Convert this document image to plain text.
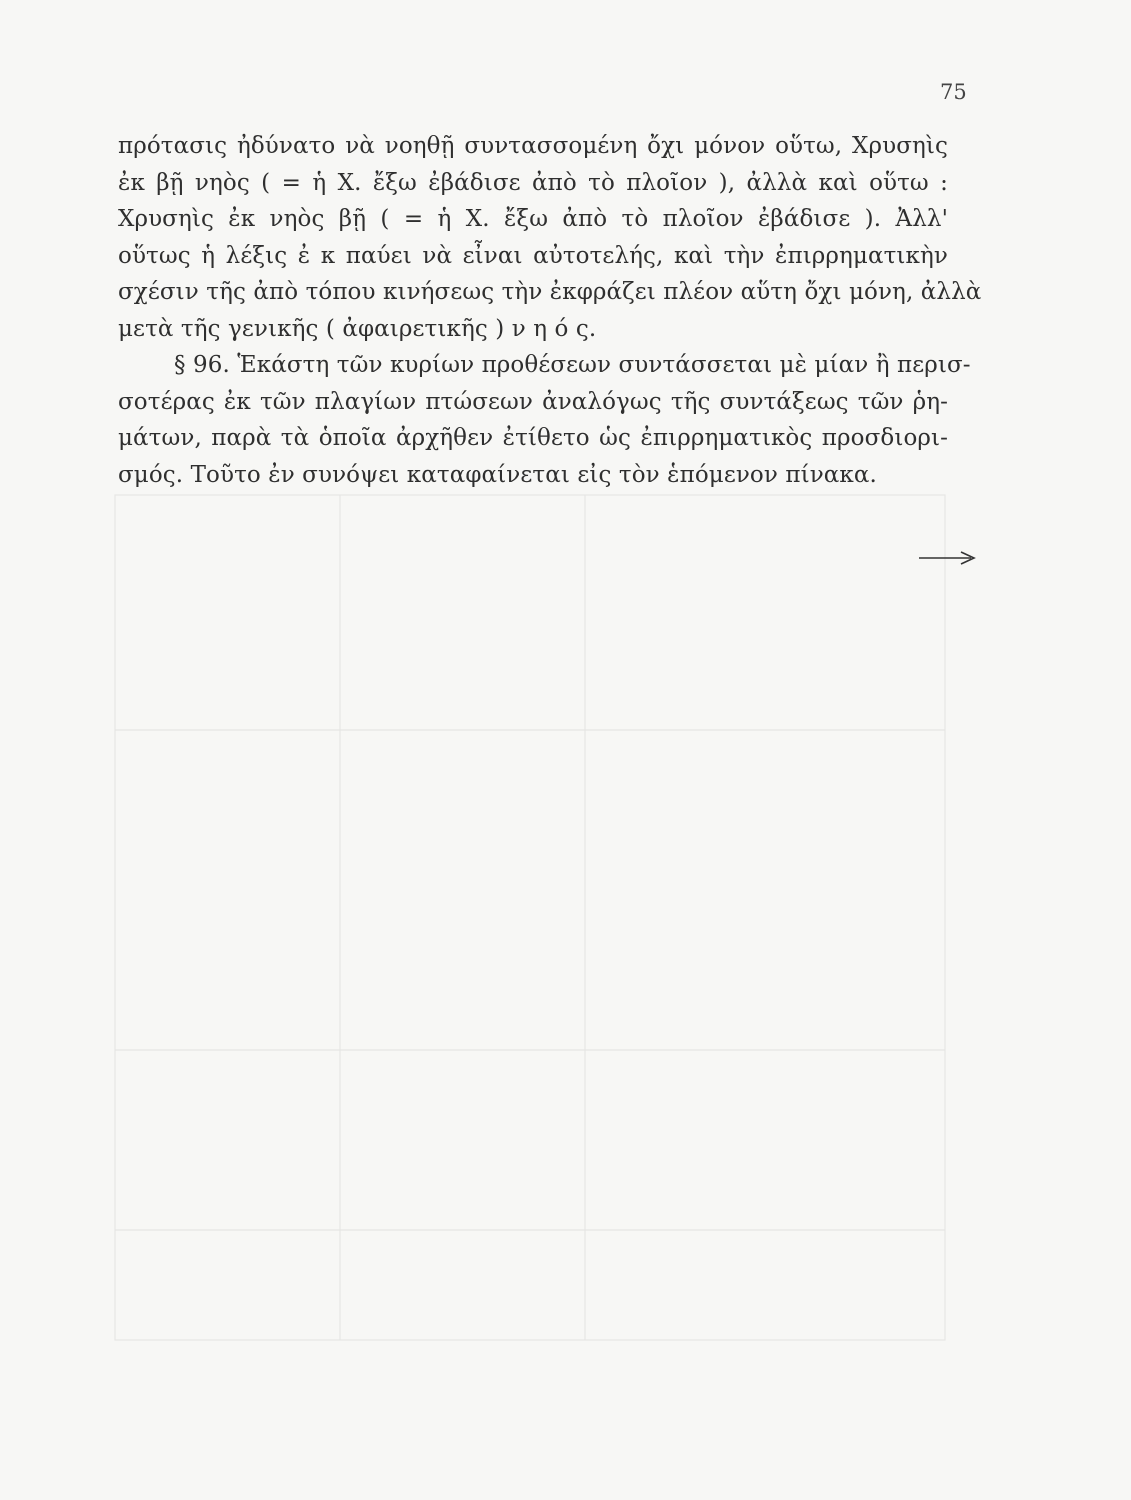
75
πρότασις ἠδύνατο νὰ νοηθῇ συντασσομένη ὄχι μόνον οὕτω, Χρυσηὶς
ἐκ βῇ νηὸς ( = ἡ Χ. ἔξω ἐβάδισε ἀπὸ τὸ πλοῖον ), ἀλλὰ καὶ οὕτω :
Χρυσηὶς ἐκ νηὸς βῇ ( = ἡ Χ. ἔξω ἀπὸ τὸ πλοῖον ἐβάδισε ). Ἀλλ'
οὕτως ἡ λέξις ἐ κ παύει νὰ εἶναι αὐτοτελής, καὶ τὴν ἐπιρρηματικὴν
σχέσιν τῆς ἀπὸ τόπου κινήσεως τὴν ἐκφράζει πλέον αὕτη ὄχι μόνη, ἀλλὰ
μετὰ τῆς γενικῆς ( ἀφαιρετικῆς ) ν η ό ς.
§ 96. Ἑκάστη τῶν κυρίων προθέσεων συντάσσεται μὲ μίαν ἢ περισ-
σοτέρας ἐκ τῶν πλαγίων πτώσεων ἀναλόγως τῆς συντάξεως τῶν ῥη-
μάτων, παρὰ τὰ ὁποῖα ἀρχῆθεν ἐτίθετο ὡς ἐπιρρηματικὸς προσδιορι-
σμός. Τοῦτο ἐν συνόψει καταφαίνεται εἰς τὸν ἑπόμενον πίνακα.
